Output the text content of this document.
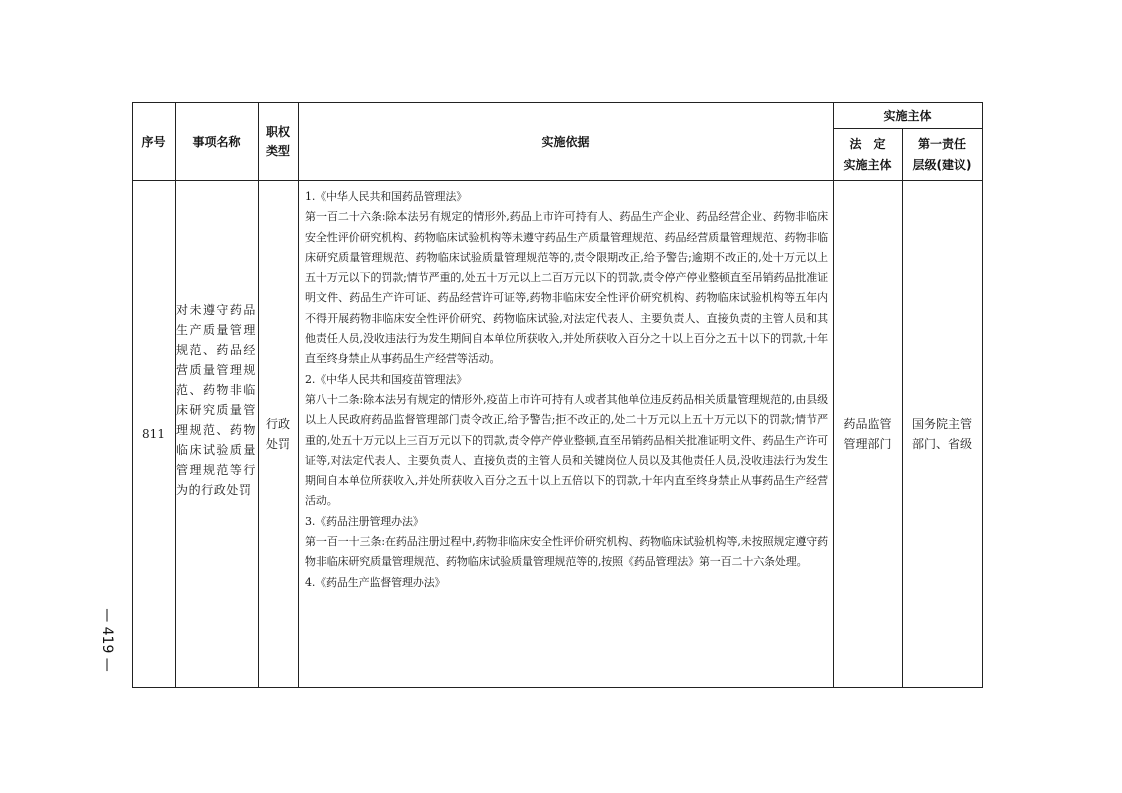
序号	事项名称
职权
类型
实施依据
实施主体
法　定
实施主体
第一责任
层级(建议)
811
对未遵守药品生产质量管理规范、药品经营质量管理规范、药物非临床研究质量管理规范、药物临床试验质量管理规范等行为的行政处罚
行政
处罚

1.《中华人民共和国药品管理法》

第一百二十六条:除本法另有规定的情形外,药品上市许可持有人、药品生产企业、药品经营企业、药物非临床安全性评价研究机构、药物临床试验机构等未遵守药品生产质量管理规范、药品经营质量管理规范、药物非临床研究质量管理规范、药物临床试验质量管理规范等的,责令限期改正,给予警告;逾期不改正的,处十万元以上五十万元以下的罚款;情节严重的,处五十万元以上二百万元以下的罚款,责令停产停业整顿直至吊销药品批准证明文件、药品生产许可证、药品经营许可证等,药物非临床安全性评价研究机构、药物临床试验机构等五年内不得开展药物非临床安全性评价研究、药物临床试验,对法定代表人、主要负责人、直接负责的主管人员和其他责任人员,没收违法行为发生期间自本单位所获收入,并处所获收入百分之十以上百分之五十以下的罚款,十年直至终身禁止从事药品生产经营等活动。

2.《中华人民共和国疫苗管理法》

第八十二条:除本法另有规定的情形外,疫苗上市许可持有人或者其他单位违反药品相关质量管理规范的,由县级以上人民政府药品监督管理部门责令改正,给予警告;拒不改正的,处二十万元以上五十万元以下的罚款;情节严重的,处五十万元以上三百万元以下的罚款,责令停产停业整顿,直至吊销药品相关批准证明文件、药品生产许可证等,对法定代表人、主要负责人、直接负责的主管人员和关键岗位人员以及其他责任人员,没收违法行为发生期间自本单位所获收入,并处所获收入百分之五十以上五倍以下的罚款,十年内直至终身禁止从事药品生产经营活动。

3.《药品注册管理办法》

第一百一十三条:在药品注册过程中,药物非临床安全性评价研究机构、药物临床试验机构等,未按照规定遵守药物非临床研究质量管理规范、药物临床试验质量管理规范等的,按照《药品管理法》第一百二十六条处理。

4.《药品生产监督管理办法》

药品监管
管理部门
国务院主管
部门、省级
— 419 —
